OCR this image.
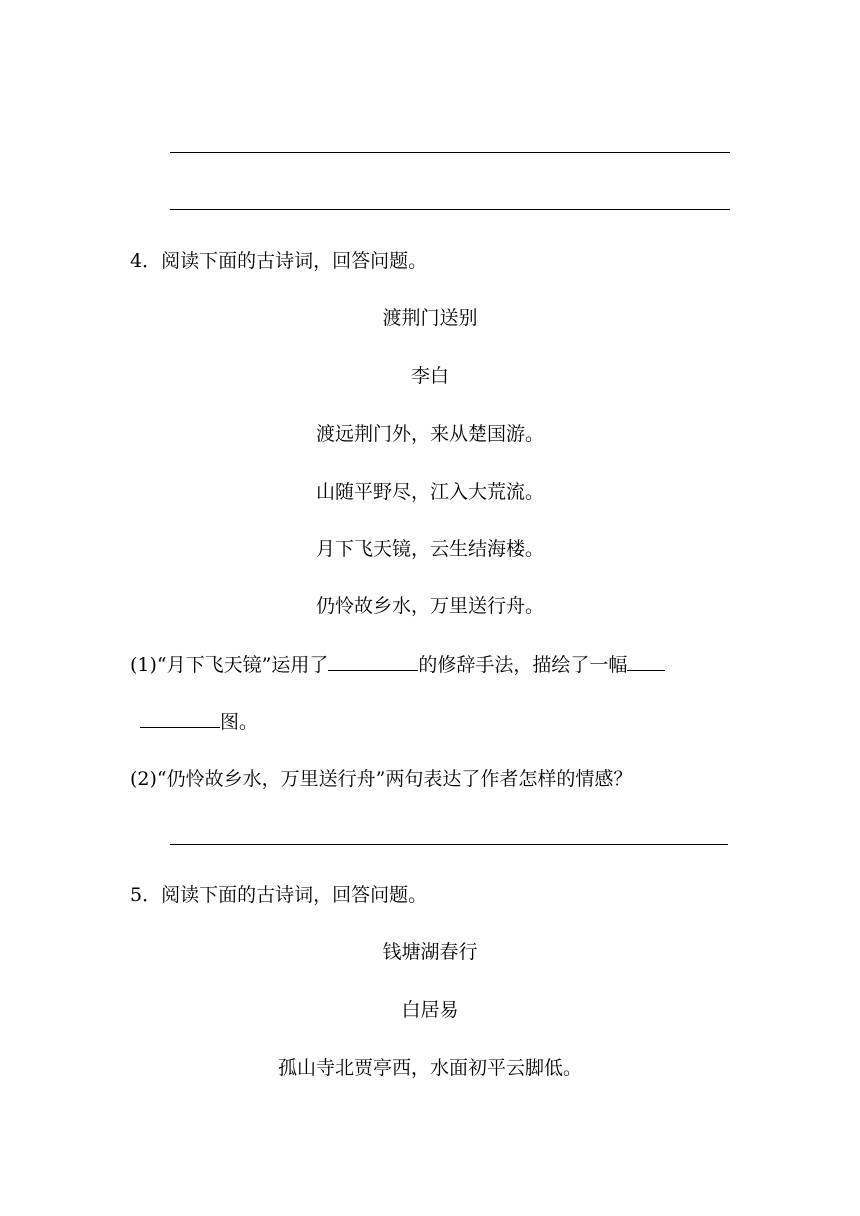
4．阅读下面的古诗词，回答问题。
渡荆门送别
李白
渡远荆门外，来从楚国游。
山随平野尽，江入大荒流。
月下飞天镜，云生结海楼。
仍怜故乡水，万里送行舟。
(1)“月下飞天镜”运用了	的修辞手法，描绘了一幅
图。
(2)“仍怜故乡水，万里送行舟”两句表达了作者怎样的情感？
5．阅读下面的古诗词，回答问题。
钱塘湖春行
白居易
孤山寺北贾亭西，水面初平云脚低。
